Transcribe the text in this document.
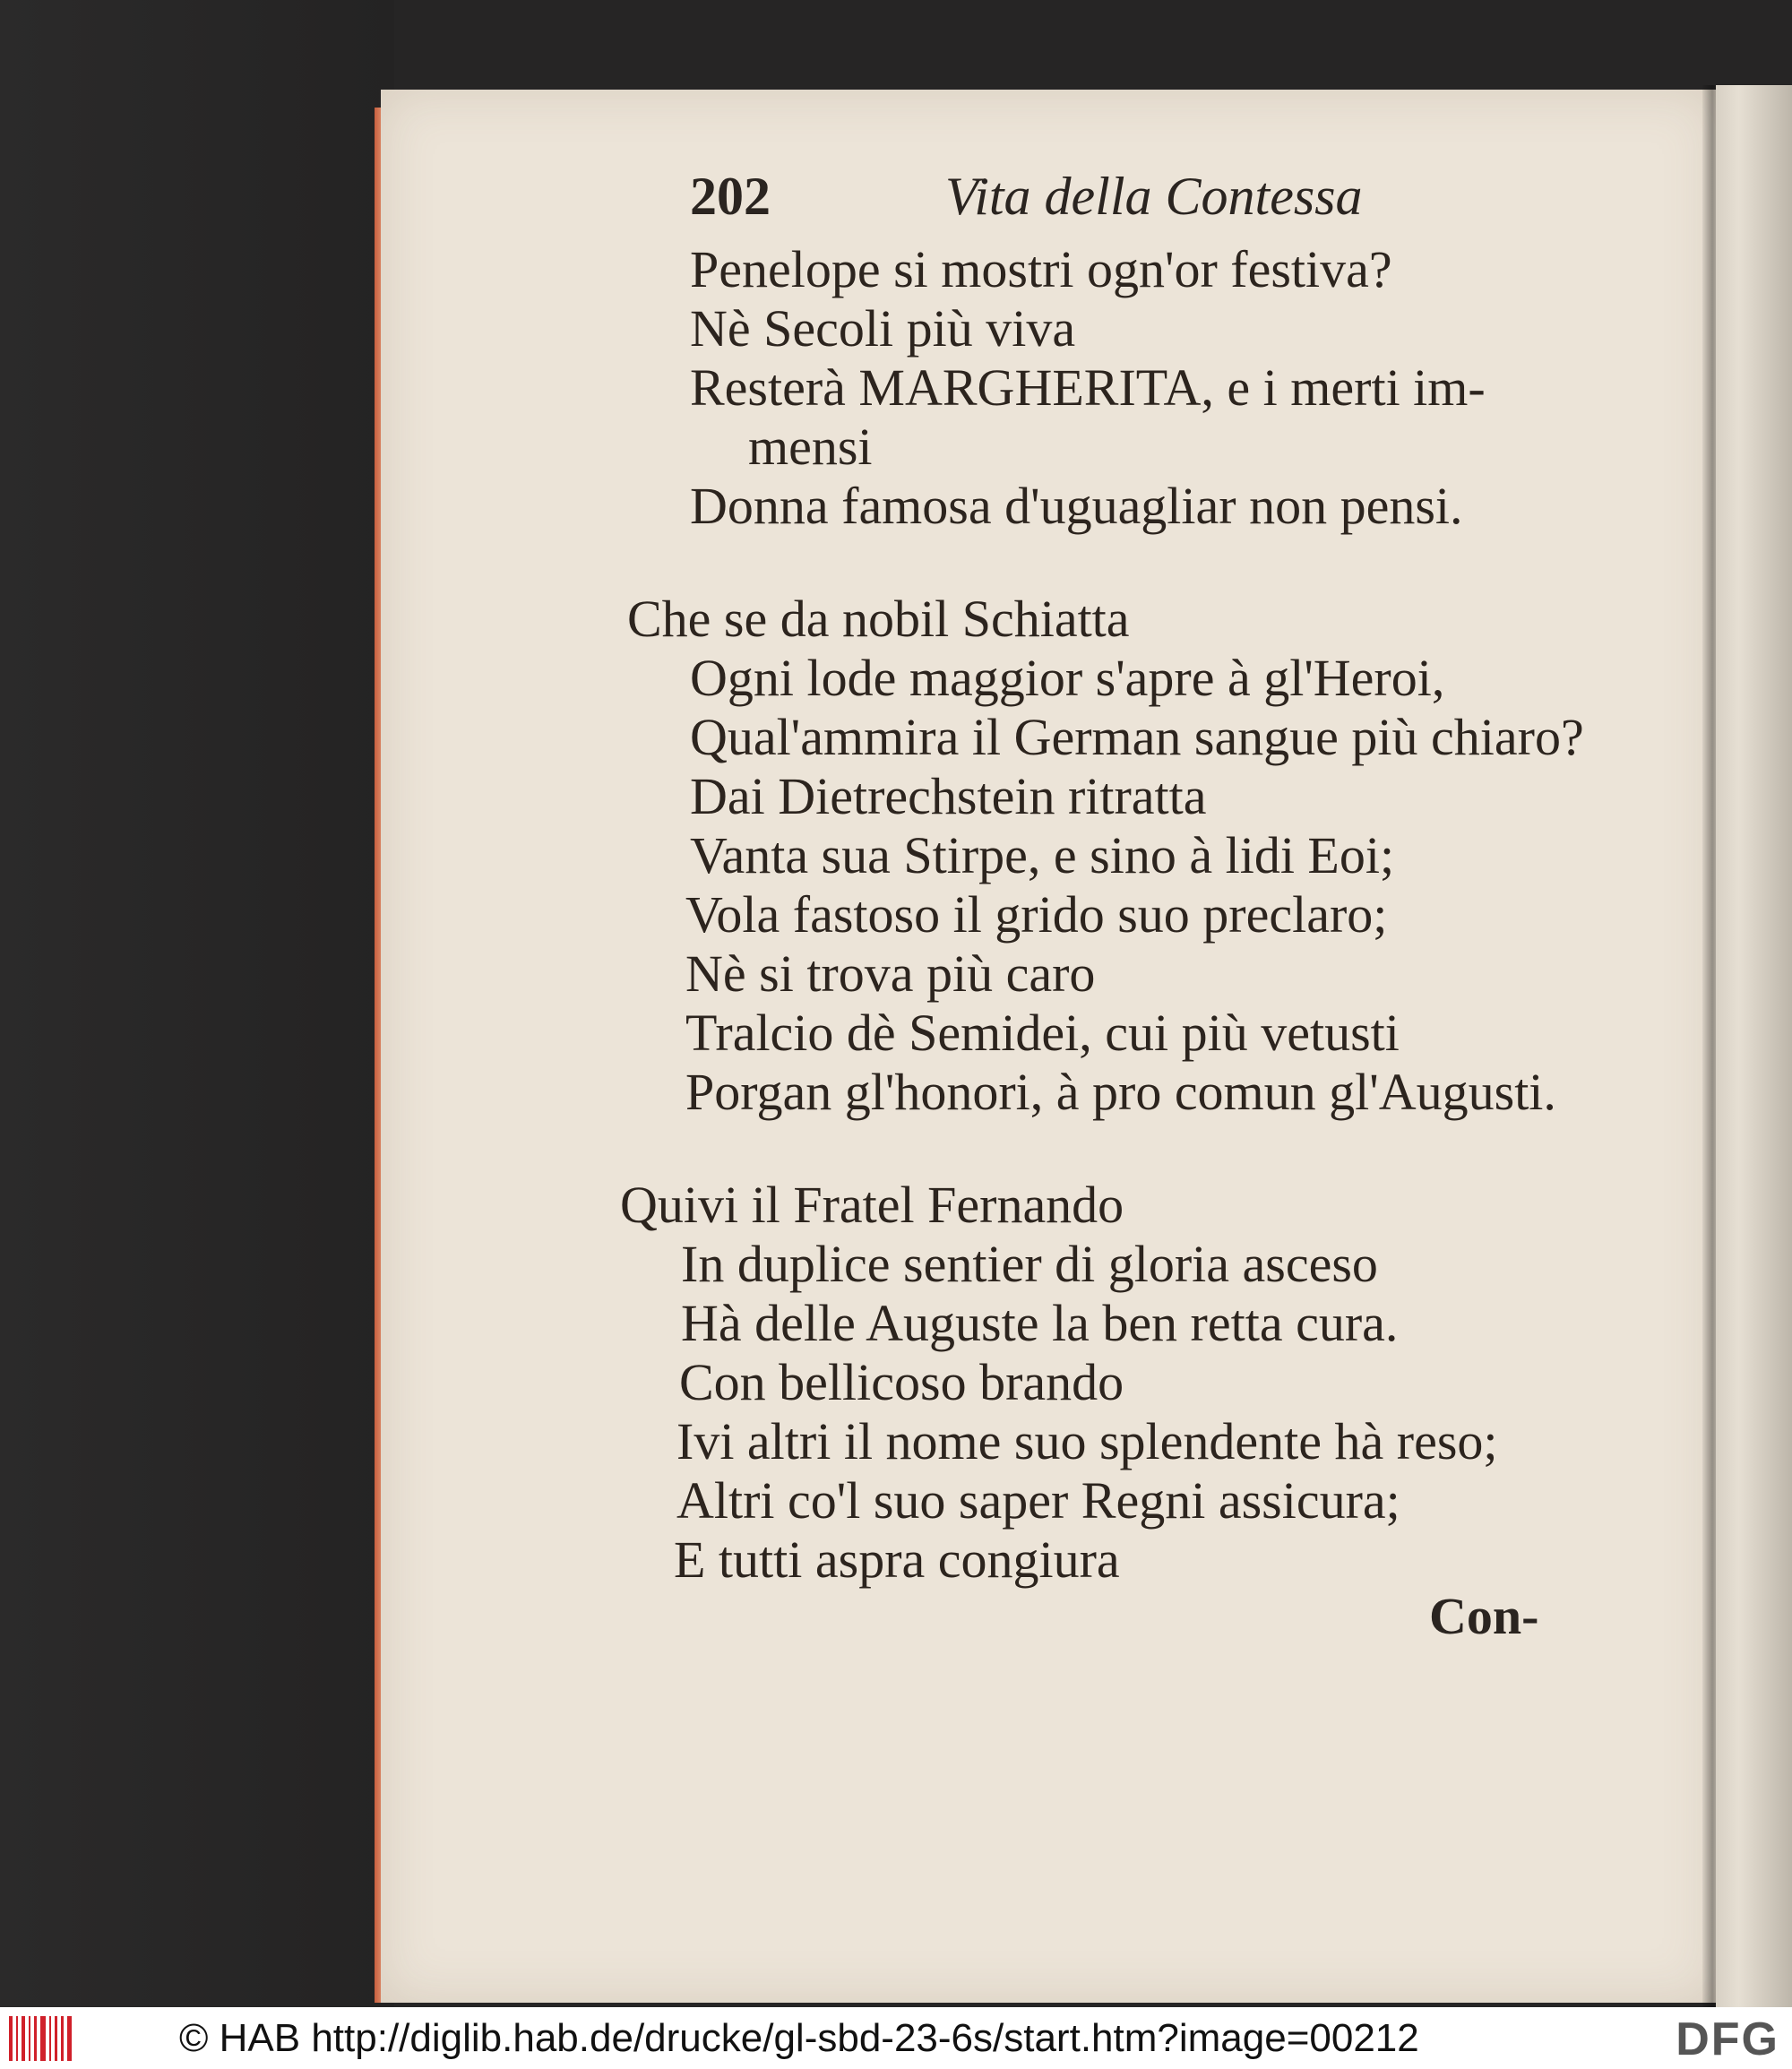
202	Vita della Contessa
Penelope si mostri ogn'or festiva?
Nè Secoli più viva
Resterà MARGHERITA, e i merti im-
mensi
Donna famosa d'uguagliar non pensi.
Che se da nobil Schiatta
Ogni lode maggior s'apre à gl'Heroi,
Qual'ammira il German sangue più chiaro?
Dai Dietrechstein ritratta
Vanta sua Stirpe, e sino à lidi Eoi;
Vola fastoso il grido suo preclaro;
Nè si trova più caro
Tralcio dè Semidei, cui più vetusti
Porgan gl'honori, à pro comun gl'Augusti.
Quivi il Fratel Fernando
In duplice sentier di gloria asceso
Hà delle Auguste la ben retta cura.
Con bellicoso brando
Ivi altri il nome suo splendente hà reso;
Altri co'l suo saper Regni assicura;
E tutti aspra congiura
Con-
© HAB http://diglib.hab.de/drucke/gl-sbd-23-6s/start.htm?image=00212	DFG
